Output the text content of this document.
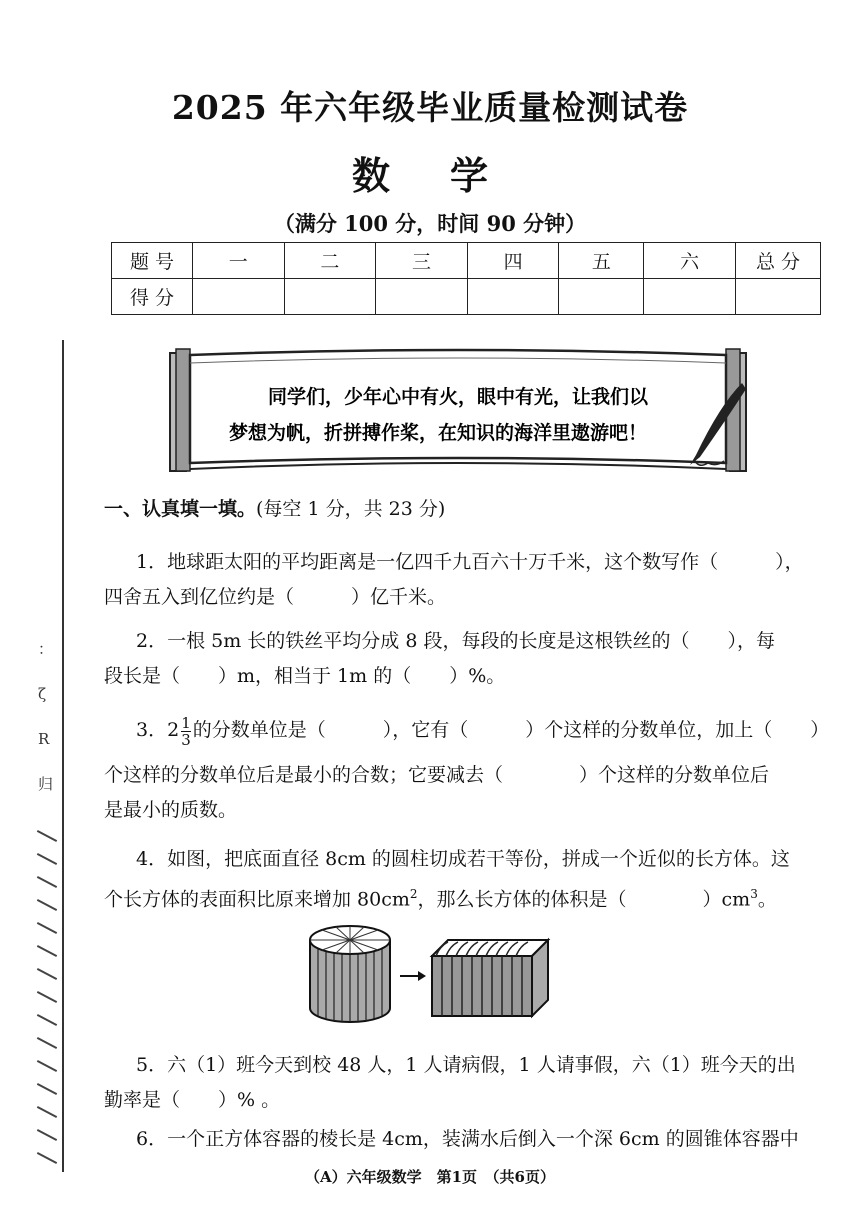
2025 年六年级毕业质量检测试卷
数学
（满分 100 分，时间 90 分钟）
题 号	一	二	三	四	五	六	总 分
得 分							
：
ζ
R
归
同学们，少年心中有火，眼中有光，让我们以
梦想为帆，折拼搏作桨，在知识的海洋里遨游吧！
一、认真填一填。(每空 1 分，共 23 分)
1．地球距太阳的平均距离是一亿四千九百六十万千米，这个数写作（　　　），
四舍五入到亿位约是（　　　）亿千米。
2．一根 5m 长的铁丝平均分成 8 段，每段的长度是这根铁丝的（　　），每
段长是（　　）m，相当于 1m 的（　　）%。
3．$2 \frac{1}{3}$ 的分数单位是（　　　），它有（　　　）个这样的分数单位，加上（　　）
个这样的分数单位后是最小的合数；它要减去（　　　　）个这样的分数单位后
是最小的质数。
4．如图，把底面直径 8cm 的圆柱切成若干等份，拼成一个近似的长方体。这
个长方体的表面积比原来增加 $80cm^2$，那么长方体的体积是（　　　　）$cm^3$。
5．六（1）班今天到校 48 人，1 人请病假，1 人请事假，六（1）班今天的出
勤率是（　　）% 。
6．一个正方体容器的棱长是 4cm，装满水后倒入一个深 6cm 的圆锥体容器中
（A）六年级数学　第1页　（共6页）
